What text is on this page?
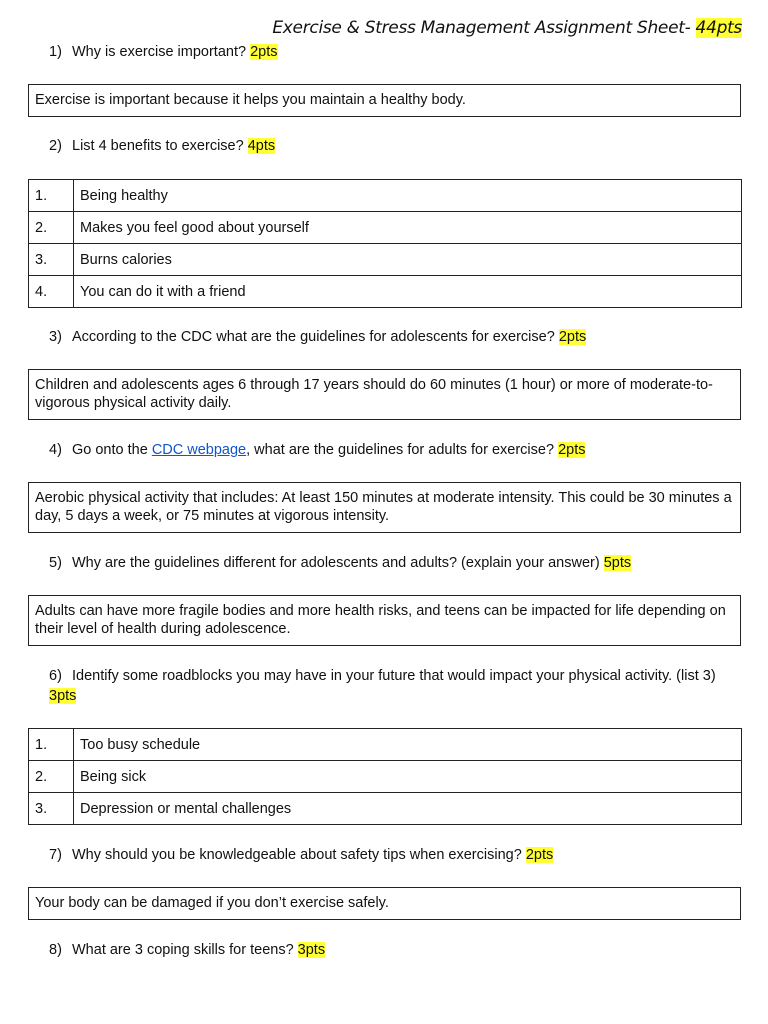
Exercise & Stress Management Assignment Sheet- 44pts
1) Why is exercise important? 2pts
Exercise is important because it helps you maintain a healthy body.
2) List 4 benefits to exercise? 4pts
1.	Being healthy
2.	Makes you feel good about yourself
3.	Burns calories
4.	You can do it with a friend
3) According to the CDC what are the guidelines for adolescents for exercise? 2pts
Children and adolescents ages 6 through 17 years should do 60 minutes (1 hour) or more of moderate-to-vigorous physical activity daily.
4) Go onto the CDC webpage, what are the guidelines for adults for exercise? 2pts
Aerobic physical activity that includes: At least 150 minutes at moderate intensity. This could be 30 minutes a day, 5 days a week, or 75 minutes at vigorous intensity.
5) Why are the guidelines different for adolescents and adults? (explain your answer) 5pts
Adults can have more fragile bodies and more health risks, and teens can be impacted for life depending on their level of health during adolescence.
6) Identify some roadblocks you may have in your future that would impact your physical activity. (list 3) 3pts
1.	Too busy schedule
2.	Being sick
3.	Depression or mental challenges
7) Why should you be knowledgeable about safety tips when exercising? 2pts
Your body can be damaged if you don’t exercise safely.
8) What are 3 coping skills for teens? 3pts
